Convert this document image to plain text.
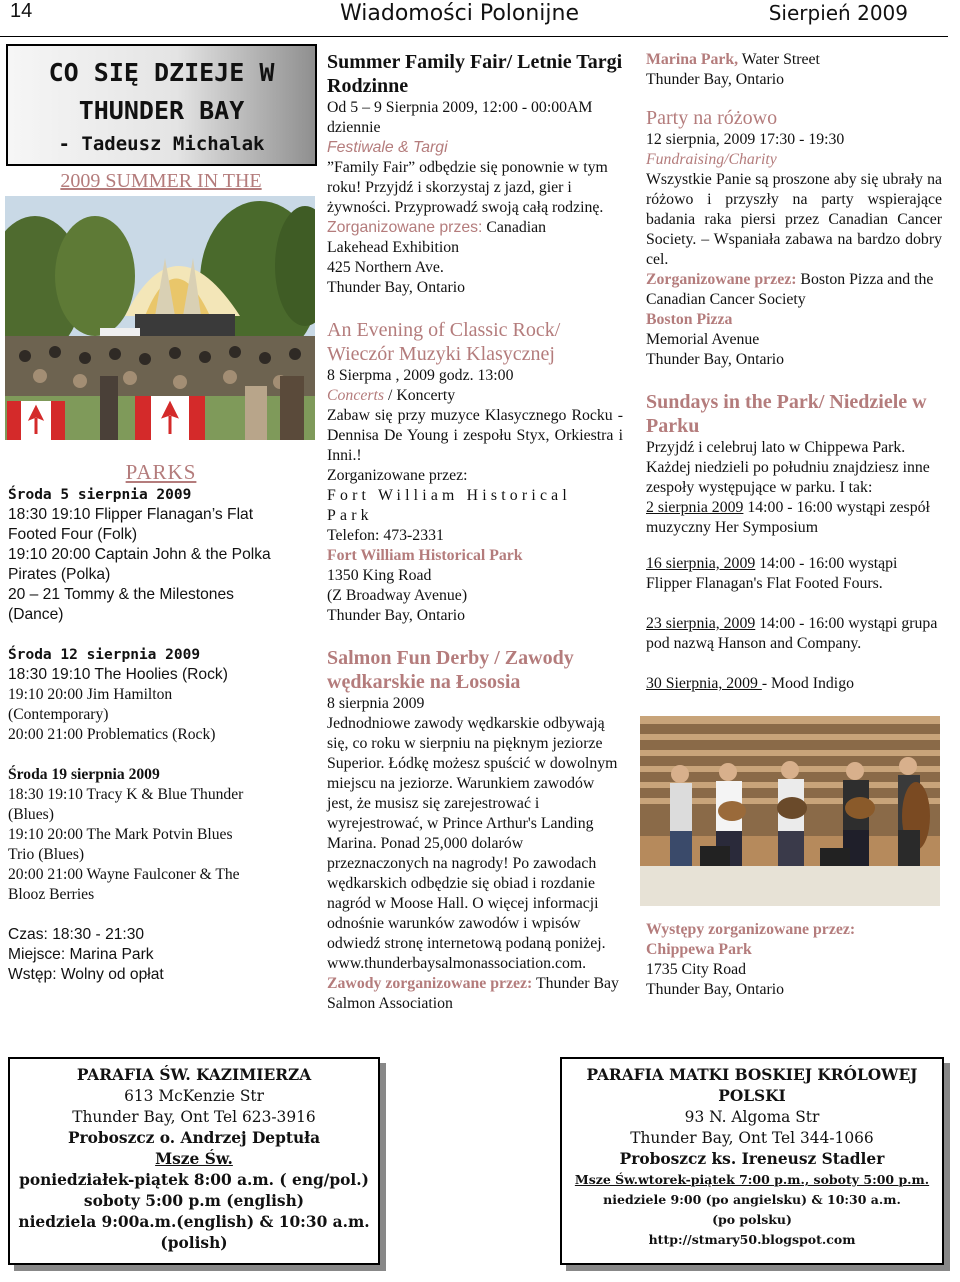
14	Wiadomości Polonijne	Sierpień 2009
CO SIĘ DZIEJE W
THUNDER BAY
- Tadeusz Michalak
2009 SUMMER IN THE
PARKS
Środa 5 sierpnia 2009
18:30 19:10 Flipper Flanagan’s Flat
Footed Four (Folk)
19:10 20:00 Captain John & the Polka
Pirates (Polka)
20 – 21 Tommy & the Milestones
(Dance)
Środa 12 sierpnia 2009
18:30 19:10 The Hoolies (Rock)
19:10 20:00 Jim Hamilton
(Contemporary)
20:00 21:00 Problematics (Rock)
Środa 19 sierpnia 2009
18:30 19:10 Tracy K & Blue Thunder
(Blues)
19:10 20:00 The Mark Potvin Blues
Trio (Blues)
20:00 21:00 Wayne Faulconer & The
Blooz Berries
Czas: 18:30 - 21:30
Miejsce: Marina Park
Wstęp: Wolny od opłat
Summer Family Fair/ Letnie Targi Rodzinne
Od 5 – 9 Sierpnia 2009, 12:00 - 00:00AM dziennie
Festiwale & Targi
”Family Fair” odbędzie się ponownie w tym roku! Przyjdź i skorzystaj z jazd, gier i żywności. Przyprowadź swoją całą rodzinę.
Zorganizowane przes: Canadian
Lakehead Exhibition
425 Northern Ave.
Thunder Bay, Ontario
An Evening of Classic Rock/ Wieczór Muzyki Klasycznej
8 Sierpma , 2009 godz. 13:00
Concerts / Koncerty
Zabaw się przy muzyce Klasycznego Rocku - Dennisa De Young i zespołu Styx, Orkiestra i Inni.!
Zorganizowane przez:
Fort William Historical Park
Telefon: 473-2331
Fort William Historical Park
1350 King Road
(Z Broadway Avenue)
Thunder Bay, Ontario
Salmon Fun Derby / Zawody wędkarskie na Łososia
8 sierpnia 2009
Jednodniowe zawody wędkarskie odbywają się, co roku w sierpniu na pięknym jeziorze Superior. Łódkę możesz spuścić w dowolnym miejscu na jeziorze. Warunkiem zawodów jest, że musisz się zarejestrować i wyrejestrować, w Prince Arthur's Landing Marina. Ponad 25,000 dolarów przeznaczonych na nagrody! Po zawodach wędkarskich odbędzie się obiad i rozdanie nagród w Moose Hall. O więcej informacji odnośnie warunków zawodów i wpisów odwiedź stronę internetową podaną poniżej.
www.thunderbaysalmonassociation.com.
Zawody zorganizowane przez: Thunder Bay Salmon Association
Marina Park, Water Street
Thunder Bay, Ontario
Party na różowo
12 sierpnia, 2009 17:30 - 19:30
Fundraising/Charity
Wszystkie Panie są proszone aby się ubrały na różowo i przyszły na party wspierające badania raka piersi przez Canadian Cancer Society. – Wspaniała zabawa na bardzo dobry cel.
Zorganizowane przez: Boston Pizza and the Canadian Cancer Society
Boston Pizza
Memorial Avenue
Thunder Bay, Ontario
Sundays in the Park/ Niedziele w Parku
Przyjdź i celebruj lato w Chippewa Park. Każdej niedzieli po południu znajdziesz inne zespoły występujące w parku. I tak:
2 sierpnia 2009 14:00 - 16:00 wystąpi zespół muzyczny Her Symposium
16 sierpnia, 2009 14:00 - 16:00 wystąpi Flipper Flanagan's Flat Footed Fours.
23 sierpnia, 2009 14:00 - 16:00 wystąpi grupa pod nazwą Hanson and Company.
30 Sierpnia, 2009 - Mood Indigo
Występy zorganizowane przez:
Chippewa Park
1735 City Road
Thunder Bay, Ontario
PARAFIA ŚW. KAZIMIERZA
613 McKenzie Str
Thunder Bay, Ont Tel 623-3916
Proboszcz o. Andrzej Deptuła
Msze Św.
poniedziałek-piątek 8:00 a.m. ( eng/pol.)
soboty 5:00 p.m (english)
niedziela 9:00a.m.(english) & 10:30 a.m.
(polish)
PARAFIA MATKI BOSKIEJ KRÓLOWEJ POLSKI
93 N. Algoma Str
Thunder Bay, Ont Tel 344-1066
Proboszcz ks. Ireneusz Stadler
Msze Św.wtorek-piątek 7:00 p.m., soboty 5:00 p.m.
niedziele 9:00 (po angielsku) & 10:30 a.m.
(po polsku)
http://stmary50.blogspot.com
